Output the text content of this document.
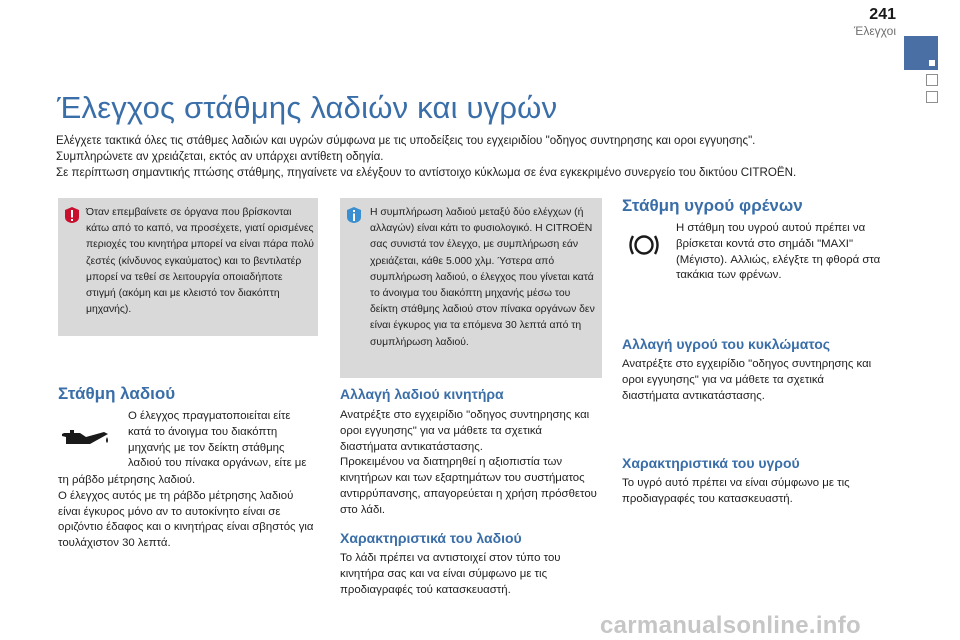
241
Έλεγχοι
Έλεγχος στάθμης λαδιών και υγρών

Ελέγχετε τακτικά όλες τις στάθμες λαδιών και υγρών σύμφωνα με τις υποδείξεις του εγχειριδίου "οδηγος συντηρησης και οροι εγγυησης".

Συμπληρώνετε αν χρειάζεται, εκτός αν υπάρχει αντίθετη οδηγία.

Σε περίπτωση σημαντικής πτώσης στάθμης, πηγαίνετε να ελέγξουν το αντίστοιχο κύκλωμα σε ένα εγκεκριμένο συνεργείο του δικτύου CITROËN.

Όταν επεμβαίνετε σε όργανα που βρίσκονται κάτω από το καπό, να προσέχετε, γιατί ορισμένες περιοχές του κινητήρα μπορεί να είναι πάρα πολύ ζεστές (κίνδυνος εγκαύματος) και το βεντιλατέρ μπορεί να τεθεί σε λειτουργία οποιαδήποτε στιγμή (ακόμη και με κλειστό τον διακόπτη μηχανής).
Η συμπλήρωση λαδιού μεταξύ δύο ελέγχων (ή αλλαγών) είναι κάτι το φυσιολογικό. Η CITROËN σας συνιστά τον έλεγχο, με συμπλήρωση εάν χρειάζεται, κάθε 5.000 χλμ. Ύστερα από συμπλήρωση λαδιού, ο έλεγχος που γίνεται κατά το άνοιγμα του διακόπτη μηχανής μέσω του δείκτη στάθμης λαδιού στον πίνακα οργάνων δεν είναι έγκυρος για τα επόμενα 30 λεπτά από τη συμπλήρωση λαδιού.
Στάθμη λαδιού
Ο έλεγχος πραγματοποιείται είτε κατά το άνοιγμα του διακόπτη μηχανής με τον δείκτη στάθμης λαδιού του πίνακα οργάνων, είτε με

τη ράβδο μέτρησης λαδιού.

Ο έλεγχος αυτός με τη ράβδο μέτρησης λαδιού είναι έγκυρος μόνο αν το αυτοκίνητο είναι σε οριζόντιο έδαφος και ο κινητήρας είναι σβηστός για τουλάχιστον 30 λεπτά.

Αλλαγή λαδιού κινητήρα

Ανατρέξτε στο εγχειρίδιο "οδηγος συντηρησης και οροι εγγυησης" για να μάθετε τα σχετικά διαστήματα αντικατάστασης.

Προκειμένου να διατηρηθεί η αξιοπιστία των κινητήρων και των εξαρτημάτων του συστήματος αντιρρύπανσης, απαγορεύεται η χρήση πρόσθετου στο λάδι.

Χαρακτηριστικά του λαδιού
Το λάδι πρέπει να αντιστοιχεί στον τύπο του κινητήρα σας και να είναι σύμφωνο με τις προδιαγραφές τού κατασκευαστή.
Στάθμη υγρού φρένων
Η στάθμη του υγρού αυτού πρέπει να βρίσκεται κοντά στο σημάδι "MAXI" (Μέγιστο). Αλλιώς, ελέγξτε τη φθορά στα τακάκια των φρένων.
Αλλαγή υγρού του κυκλώματος
Ανατρέξτε στο εγχειρίδιο "οδηγος συντηρησης και οροι εγγυησης" για να μάθετε τα σχετικά διαστήματα αντικατάστασης.
Χαρακτηριστικά του υγρού
Το υγρό αυτό πρέπει να είναι σύμφωνο με τις προδιαγραφές του κατασκευαστή.
carmanualsonline.info
